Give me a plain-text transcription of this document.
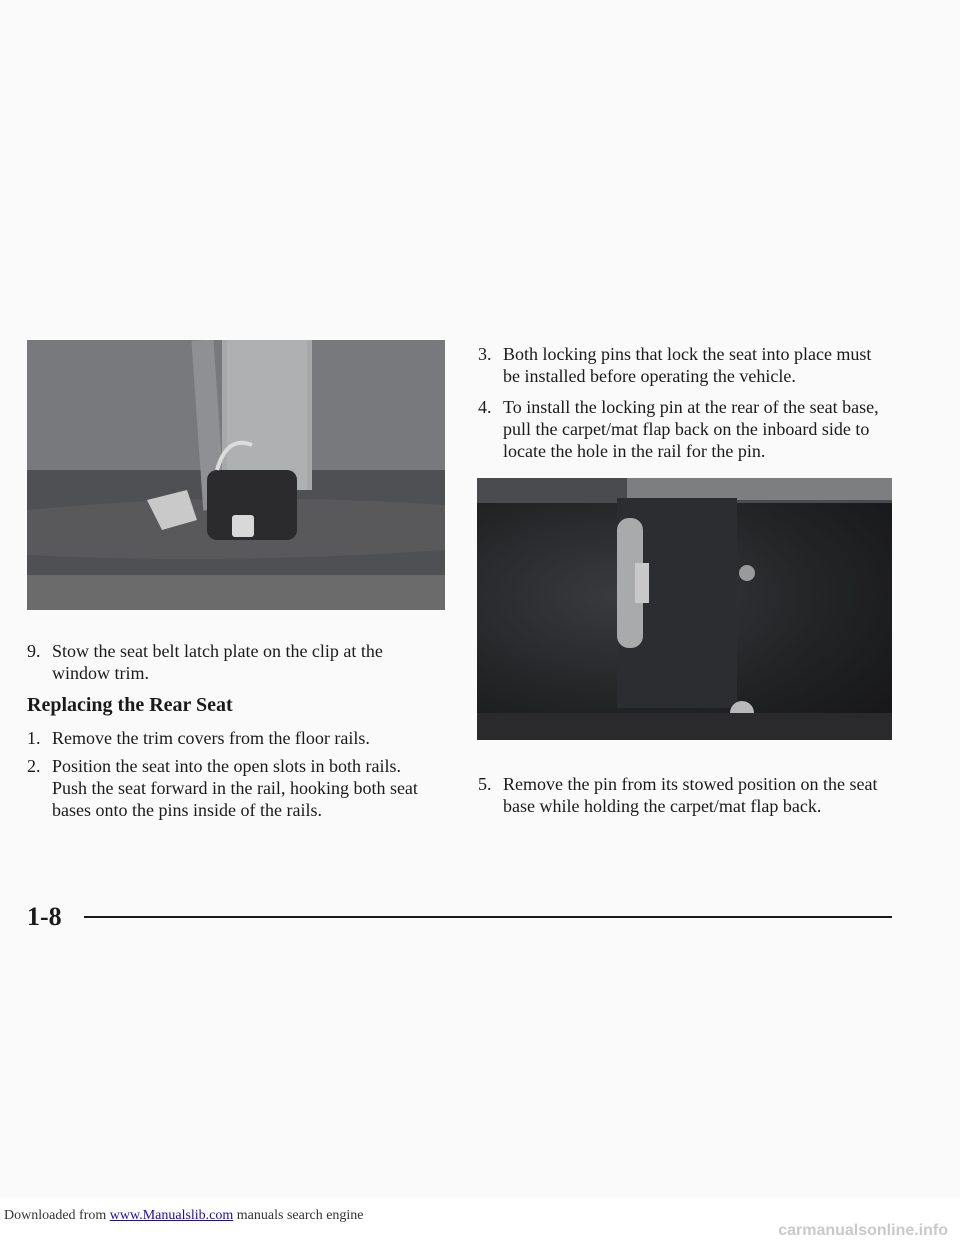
3. Both locking pins that lock the seat into place must
be installed before operating the vehicle.
4. To install the locking pin at the rear of the seat base,
pull the carpet/mat flap back on the inboard side to
locate the hole in the rail for the pin.
9. Stow the seat belt latch plate on the clip at the
window trim.
Replacing the Rear Seat
1. Remove the trim covers from the floor rails.
2. Position the seat into the open slots in both rails.
Push the seat forward in the rail, hooking both seat
bases onto the pins inside of the rails.
5. Remove the pin from its stowed position on the seat
base while holding the carpet/mat flap back.
1-8
Downloaded from www.Manualslib.com manuals search engine
carmanualsonline.info
